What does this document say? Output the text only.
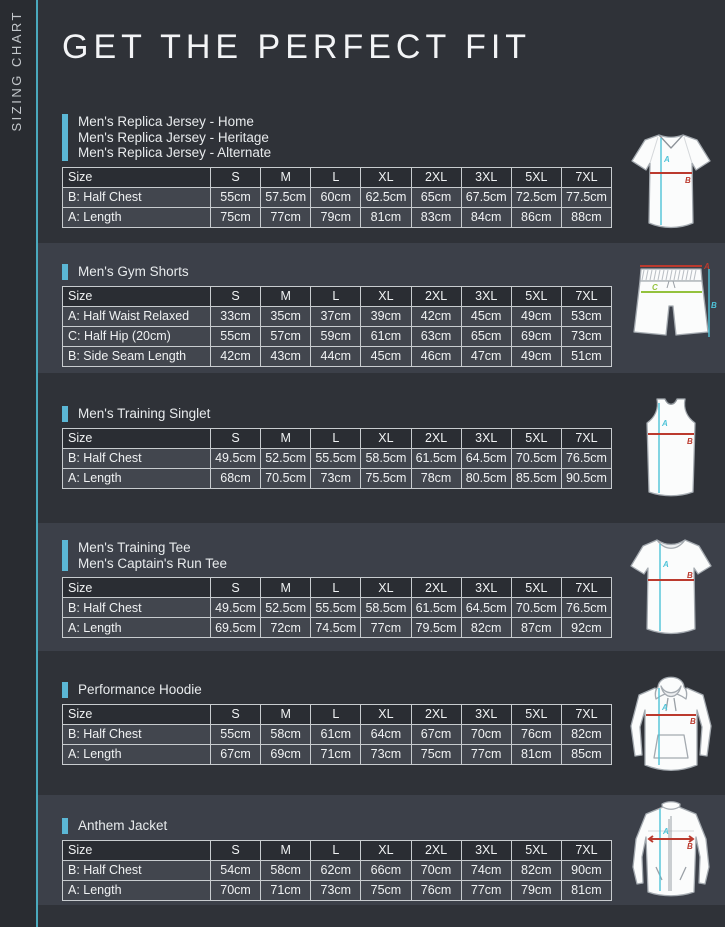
SIZING CHART GET THE PERFECT FIT
Men's Replica Jersey - Home
Men's Replica Jersey - Heritage
Men's Replica Jersey - Alternate
Size	S	M	L	XL	2XL	3XL	5XL	7XL
B: Half Chest	55cm	57.5cm	60cm	62.5cm	65cm	67.5cm	72.5cm	77.5cm
A: Length	75cm	77cm	79cm	81cm	83cm	84cm	86cm	88cm
A
B
Men's Gym Shorts
Size	S	M	L	XL	2XL	3XL	5XL	7XL
A: Half Waist Relaxed	33cm	35cm	37cm	39cm	42cm	45cm	49cm	53cm
C: Half Hip (20cm)	55cm	57cm	59cm	61cm	63cm	65cm	69cm	73cm
B: Side Seam Length	42cm	43cm	44cm	45cm	46cm	47cm	49cm	51cm
A
C
B
Men's Training Singlet
Size	S	M	L	XL	2XL	3XL	5XL	7XL
B: Half Chest	49.5cm	52.5cm	55.5cm	58.5cm	61.5cm	64.5cm	70.5cm	76.5cm
A: Length	68cm	70.5cm	73cm	75.5cm	78cm	80.5cm	85.5cm	90.5cm
A
B
Men's Training Tee
Men's Captain's Run Tee
Size	S	M	L	XL	2XL	3XL	5XL	7XL
B: Half Chest	49.5cm	52.5cm	55.5cm	58.5cm	61.5cm	64.5cm	70.5cm	76.5cm
A: Length	69.5cm	72cm	74.5cm	77cm	79.5cm	82cm	87cm	92cm
A
B
Performance Hoodie
Size	S	M	L	XL	2XL	3XL	5XL	7XL
B: Half Chest	55cm	58cm	61cm	64cm	67cm	70cm	76cm	82cm
A: Length	67cm	69cm	71cm	73cm	75cm	77cm	81cm	85cm
A
B
Anthem Jacket
Size	S	M	L	XL	2XL	3XL	5XL	7XL
B: Half Chest	54cm	58cm	62cm	66cm	70cm	74cm	82cm	90cm
A: Length	70cm	71cm	73cm	75cm	76cm	77cm	79cm	81cm
A
B
